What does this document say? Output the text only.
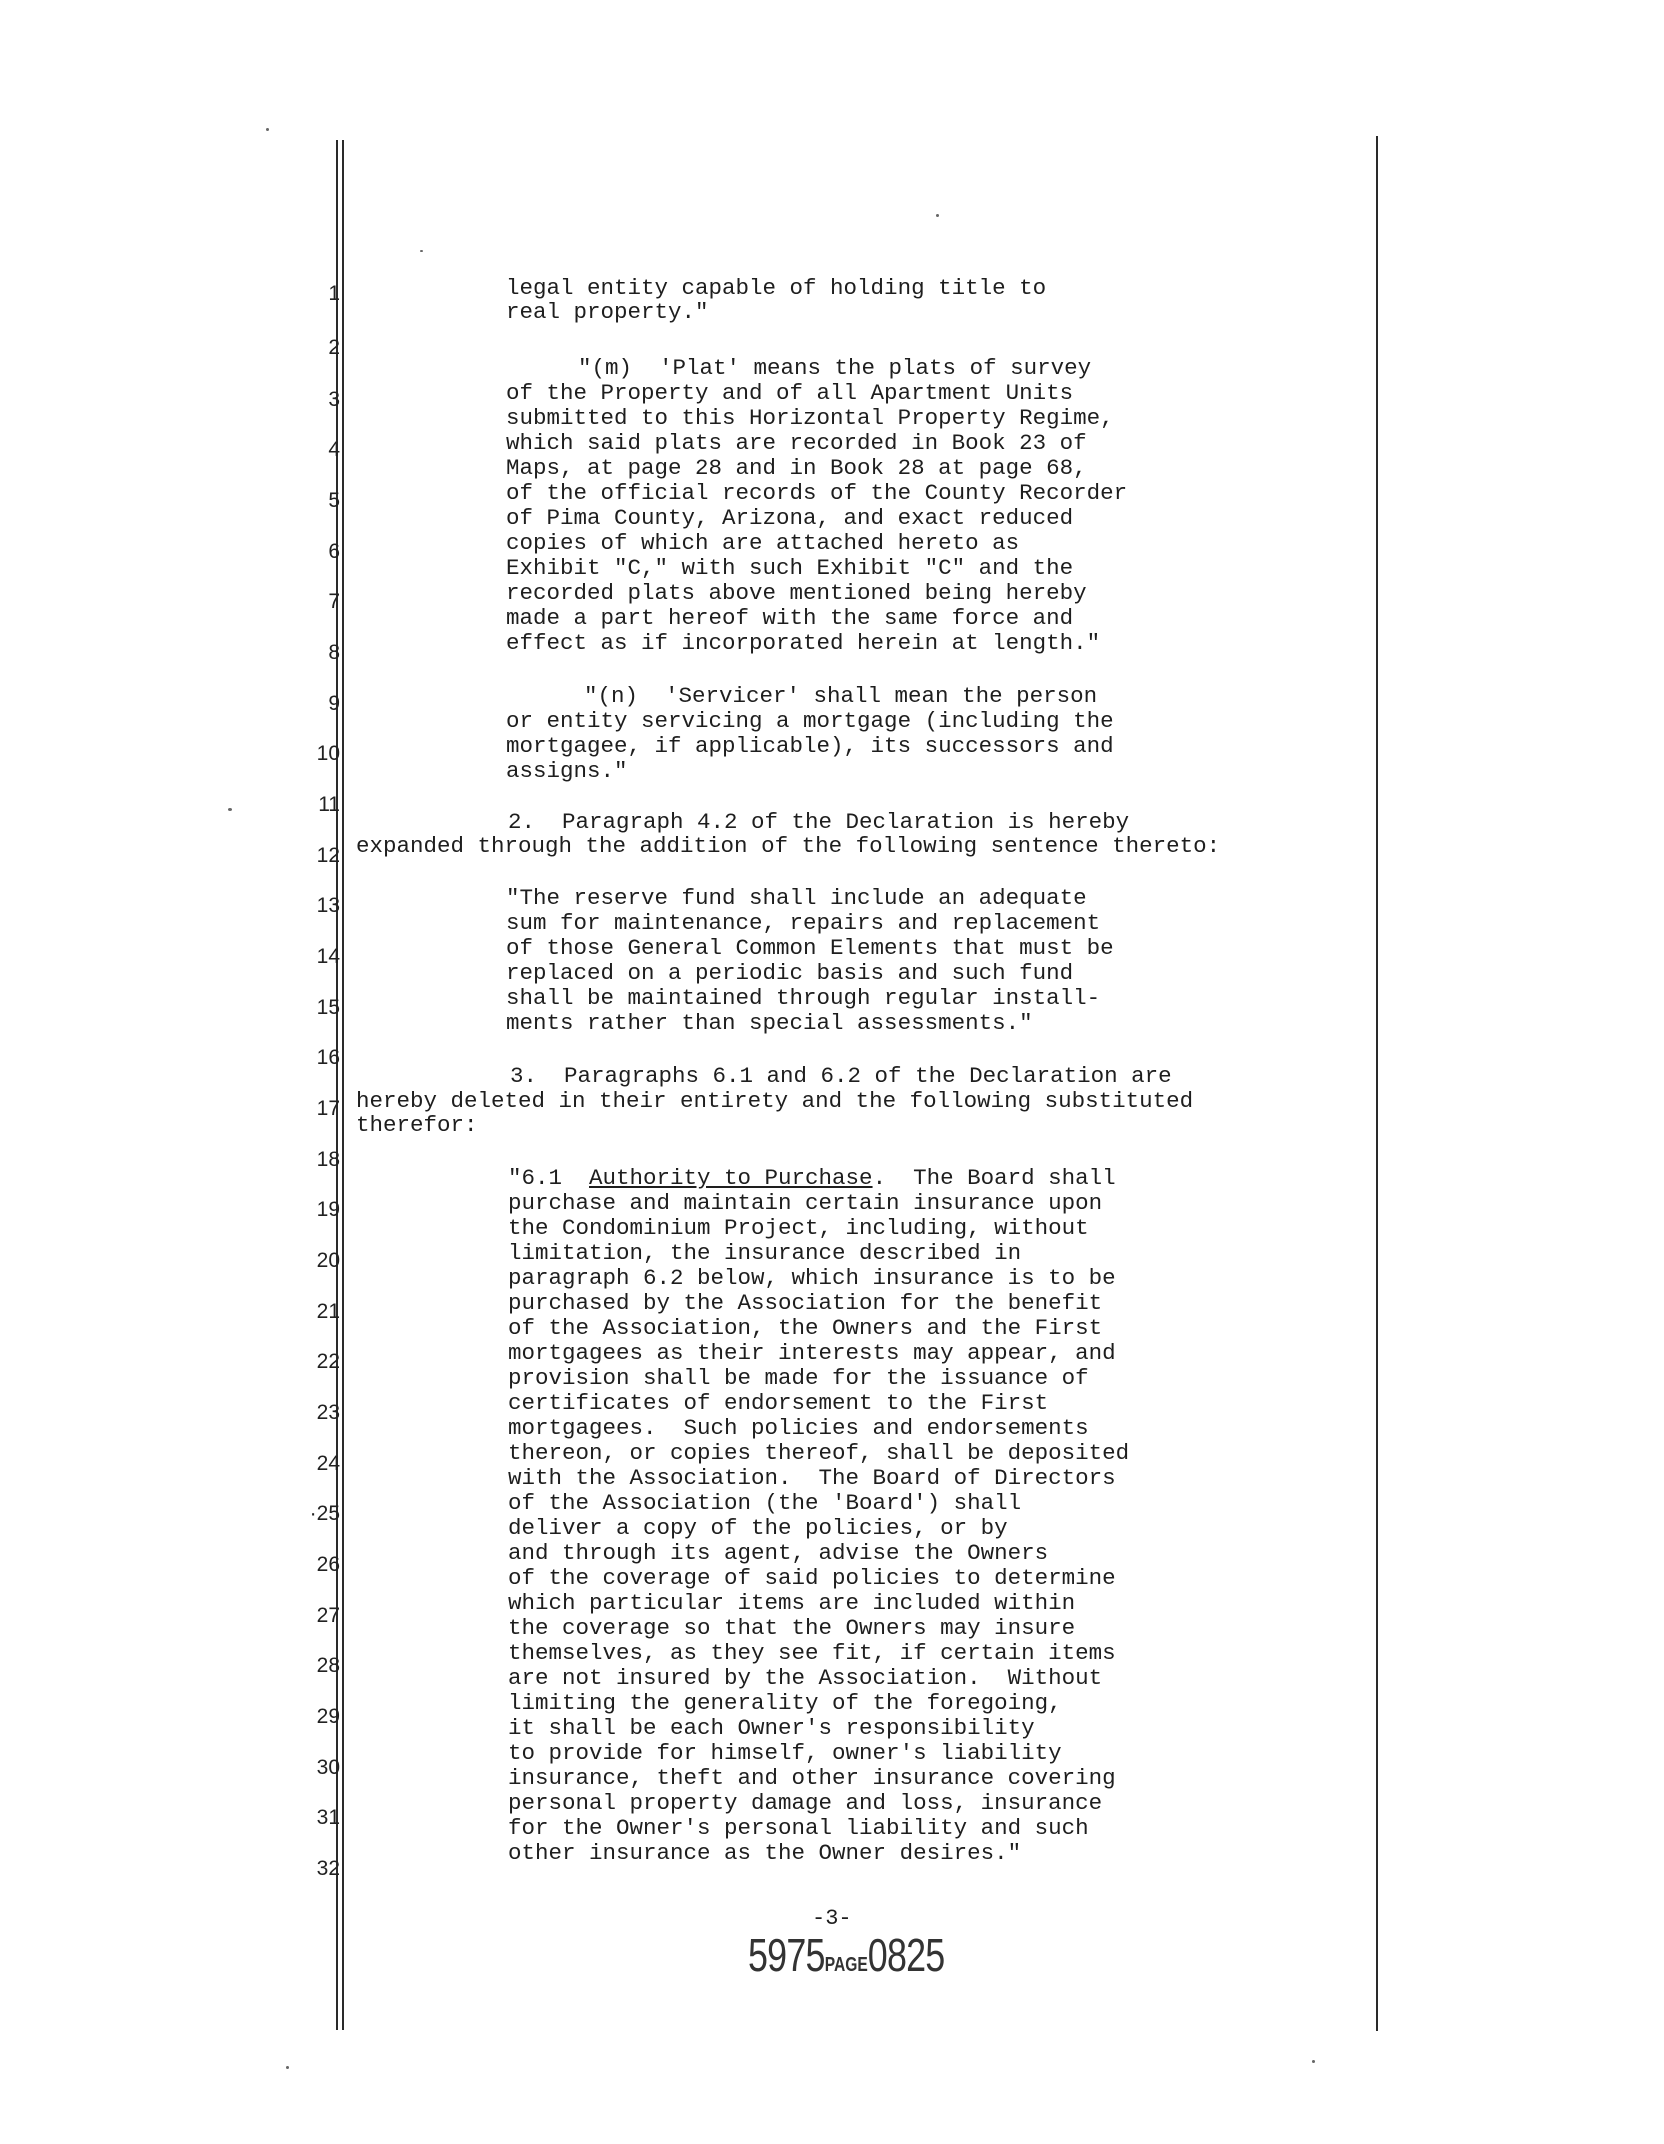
1
2
3
4
5
6
7
8
9
10
11
12
13
14
15
16
17
18
19
20
21
22
23
24
·25
26
27
28
29
30
31
32
legal entity capable of holding title to
real property."
"(m)  'Plat' means the plats of survey
of the Property and of all Apartment Units
submitted to this Horizontal Property Regime,
which said plats are recorded in Book 23 of
Maps, at page 28 and in Book 28 at page 68,
of the official records of the County Recorder
of Pima County, Arizona, and exact reduced
copies of which are attached hereto as
Exhibit "C," with such Exhibit "C" and the
recorded plats above mentioned being hereby
made a part hereof with the same force and
effect as if incorporated herein at length."
"(n)  'Servicer' shall mean the person
or entity servicing a mortgage (including the
mortgagee, if applicable), its successors and
assigns."
2.  Paragraph 4.2 of the Declaration is hereby
expanded through the addition of the following sentence thereto:
"The reserve fund shall include an adequate
sum for maintenance, repairs and replacement
of those General Common Elements that must be
replaced on a periodic basis and such fund
shall be maintained through regular install-
ments rather than special assessments."
3.  Paragraphs 6.1 and 6.2 of the Declaration are
hereby deleted in their entirety and the following substituted
therefor:
"6.1  Authority to Purchase.  The Board shall
purchase and maintain certain insurance upon
the Condominium Project, including, without
limitation, the insurance described in
paragraph 6.2 below, which insurance is to be
purchased by the Association for the benefit
of the Association, the Owners and the First
mortgagees as their interests may appear, and
provision shall be made for the issuance of
certificates of endorsement to the First
mortgagees.  Such policies and endorsements
thereon, or copies thereof, shall be deposited
with the Association.  The Board of Directors
of the Association (the 'Board') shall
deliver a copy of the policies, or by
and through its agent, advise the Owners
of the coverage of said policies to determine
which particular items are included within
the coverage so that the Owners may insure
themselves, as they see fit, if certain items
are not insured by the Association.  Without
limiting the generality of the foregoing,
it shall be each Owner's responsibility
to provide for himself, owner's liability
insurance, theft and other insurance covering
personal property damage and loss, insurance
for the Owner's personal liability and such
other insurance as the Owner desires."
-3-
5975PAGE0825
